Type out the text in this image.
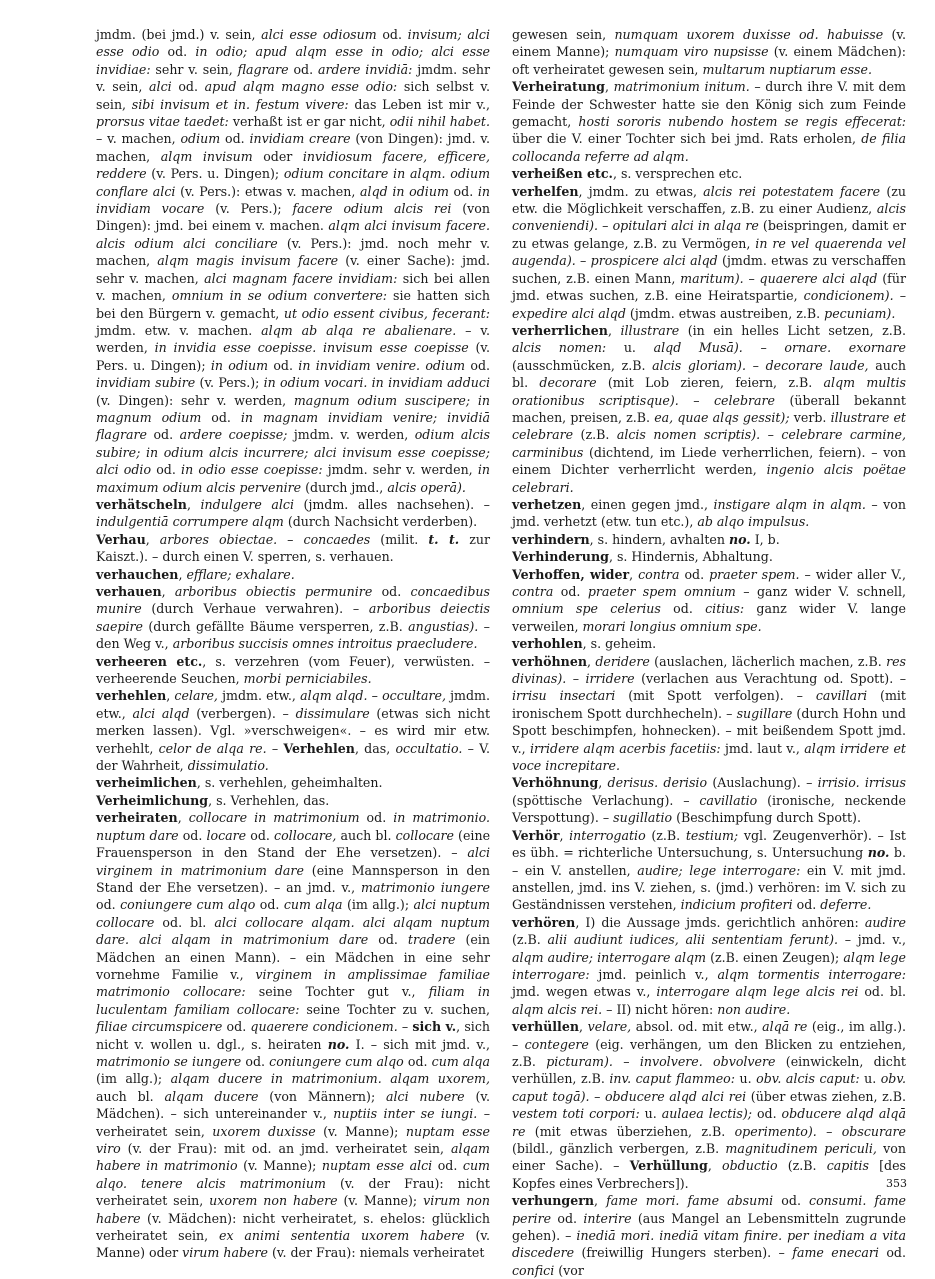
jmdm. (bei jmd.) v. sein, alci esse odiosum od. invisum; alci esse odio od. in odio; apud alqm esse in odio; alci esse invidiae: sehr v. sein, flagrare od. ardere invidiā: jmdm. sehr v. sein, alci od. apud alqm magno esse odio: sich selbst v. sein, sibi invisum et in. festum vivere: das Leben ist mir v., prorsus vitae taedet: verhaßt ist er gar nicht, odii nihil habet. – v. machen, odium od. invidiam creare (von Dingen): jmd. v. machen, alqm invisum oder invidiosum facere, efficere, reddere (v. Pers. u. Dingen); odium concitare in alqm. odium conflare alci (v. Pers.): etwas v. machen, alqd in odium od. in invidiam vocare (v. Pers.); facere odium alcis rei (von Dingen): jmd. bei einem v. machen. alqm alci invisum facere. alcis odium alci conciliare (v. Pers.): jmd. noch mehr v. machen, alqm magis invisum facere (v. einer Sache): jmd. sehr v. machen, alci magnam facere invidiam: sich bei allen v. machen, omnium in se odium convertere: sie hatten sich bei den Bürgern v. gemacht, ut odio essent civibus, fecerant: jmdm. etw. v. machen. alqm ab alqa re abalienare. – v. werden, in invidia esse coepisse. invisum esse coepisse (v. Pers. u. Dingen); in odium od. in invidiam venire. odium od. invidiam subire (v. Pers.); in odium vocari. in invidiam adduci (v. Dingen): sehr v. werden, magnum odium suscipere; in magnum odium od. in magnam invidiam venire; invidiā flagrare od. ardere coepisse; jmdm. v. werden, odium alcis subire; in odium alcis incurrere; alci invisum esse coepisse; alci odio od. in odio esse coepisse: jmdm. sehr v. werden, in maximum odium alcis pervenire (durch jmd., alcis operā).

verhätscheln, indulgere alci (jmdm. alles nachsehen). – indulgentiā corrumpere alqm (durch Nachsicht verderben).

Verhau, arbores obiectae. – concaedes (milit. t. t. zur Kaiszt.). – durch einen V. sperren, s. verhauen.

verhauchen, efflare; exhalare.

verhauen, arboribus obiectis permunire od. concaedibus munire (durch Verhaue verwahren). – arboribus deiectis saepire (durch gefällte Bäume versperren, z.B. angustias). – den Weg v., arboribus succisis omnes introitus praecludere.

verheeren etc., s. verzehren (vom Feuer), verwüsten. – verheerende Seuchen, morbi perniciabiles.

verhehlen, celare, jmdm. etw., alqm alqd. – occultare, jmdm. etw., alci alqd (verbergen). – dissimulare (etwas sich nicht merken lassen). Vgl. »verschweigen«. – es wird mir etw. verhehlt, celor de alqa re. – Verhehlen, das, occultatio. – V. der Wahrheit, dissimulatio.

verheimlichen, s. verhehlen, geheimhalten.

Verheimlichung, s. Verhehlen, das.

verheiraten, collocare in matrimonium od. in matrimonio. nuptum dare od. locare od. collocare, auch bl. collocare (eine Frauensperson in den Stand der Ehe versetzen). – alci virginem in matrimonium dare (eine Mannsperson in den Stand der Ehe versetzen). – an jmd. v., matrimonio iungere od. coniungere cum alqo od. cum alqa (im allg.); alci nuptum collocare od. bl. alci collocare alqam. alci alqam nuptum dare. alci alqam in matrimonium dare od. tradere (ein Mädchen an einen Mann). – ein Mädchen in eine sehr vornehme Familie v., virginem in amplissimae familiae matrimonio collocare: seine Tochter gut v., filiam in luculentam familiam collocare: seine Tochter zu v. suchen, filiae circumspicere od. quaerere condicionem. – sich v., sich nicht v. wollen u. dgl., s. heiraten no. I. – sich mit jmd. v., matrimonio se iungere od. coniungere cum alqo od. cum alqa (im allg.); alqam ducere in matrimonium. alqam uxorem, auch bl. alqam ducere (von Männern); alci nubere (v. Mädchen). – sich untereinander v., nuptiis inter se iungi. – verheiratet sein, uxorem duxisse (v. Manne); nuptam esse viro (v. der Frau): mit od. an jmd. verheiratet sein, alqam habere in matrimonio (v. Manne); nuptam esse alci od. cum alqo. tenere alcis matrimonium (v. der Frau): nicht verheiratet sein, uxorem non habere (v. Manne); virum non habere (v. Mädchen): nicht verheiratet, s. ehelos: glücklich verheiratet sein, ex animi sententia uxorem habere (v. Manne) oder virum habere (v. der Frau): niemals verheiratet

gewesen sein, numquam uxorem duxisse od. habuisse (v. einem Manne); numquam viro nupsisse (v. einem Mädchen): oft verheiratet gewesen sein, multarum nuptiarum esse.

Verheiratung, matrimonium initum. – durch ihre V. mit dem Feinde der Schwester hatte sie den König sich zum Feinde gemacht, hosti sororis nubendo hostem se regis effecerat: über die V. einer Tochter sich bei jmd. Rats erholen, de filia collocanda referre ad alqm.

verheißen etc., s. versprechen etc.

verhelfen, jmdm. zu etwas, alcis rei potestatem facere (zu etw. die Möglichkeit verschaffen, z.B. zu einer Audienz, alcis conveniendi). – opitulari alci in alqa re (beispringen, damit er zu etwas gelange, z.B. zu Vermögen, in re vel quaerenda vel augenda). – prospicere alci alqd (jmdm. etwas zu verschaffen suchen, z.B. einen Mann, maritum). – quaerere alci alqd (für jmd. etwas suchen, z.B. eine Heiratspartie, condicionem). – expedire alci alqd (jmdm. etwas austreiben, z.B. pecuniam).

verherrlichen, illustrare (in ein helles Licht setzen, z.B. alcis nomen: u. alqd Musā). – ornare. exornare (ausschmücken, z.B. alcis gloriam). – decorare laude, auch bl. decorare (mit Lob zieren, feiern, z.B. alqm multis orationibus scriptisque). – celebrare (überall bekannt machen, preisen, z.B. ea, quae alqs gessit); verb. illustrare et celebrare (z.B. alcis nomen scriptis). – celebrare carmine, carminibus (dichtend, im Liede verherrlichen, feiern). – von einem Dichter verherrlicht werden, ingenio alcis poëtae celebrari.

verhetzen, einen gegen jmd., instigare alqm in alqm. – von jmd. verhetzt (etw. tun etc.), ab alqo impulsus.

verhindern, s. hindern, avhalten no. I, b.

Verhinderung, s. Hindernis, Abhaltung.

Verhoffen, wider, contra od. praeter spem. – wider aller V., contra od. praeter spem omnium – ganz wider V. schnell, omnium spe celerius od. citius: ganz wider V. lange verweilen, morari longius omnium spe.

verhohlen, s. geheim.

verhöhnen, deridere (auslachen, lächerlich machen, z.B. res divinas). – irridere (verlachen aus Verachtung od. Spott). – irrisu insectari (mit Spott verfolgen). – cavillari (mit ironischem Spott durchhecheln). – sugillare (durch Hohn und Spott beschimpfen, hohnecken). – mit beißendem Spott jmd. v., irridere alqm acerbis facetiis: jmd. laut v., alqm irridere et voce increpitare.

Verhöhnung, derisus. derisio (Auslachung). – irrisio. irrisus (spöttische Verlachung). – cavillatio (ironische, neckende Verspottung). – sugillatio (Beschimpfung durch Spott).

Verhör, interrogatio (z.B. testium; vgl. Zeugenverhör). – Ist es übh. = richterliche Untersuchung, s. Untersuchung no. b. – ein V. anstellen, audire; lege interrogare: ein V. mit jmd. anstellen, jmd. ins V. ziehen, s. (jmd.) verhören: im V. sich zu Geständnissen verstehen, indicium profiteri od. deferre.

verhören, I) die Aussage jmds. gerichtlich anhören: audire (z.B. alii audiunt iudices, alii sententiam ferunt). – jmd. v., alqm audire; interrogare alqm (z.B. einen Zeugen); alqm lege interrogare: jmd. peinlich v., alqm tormentis interrogare: jmd. wegen etwas v., interrogare alqm lege alcis rei od. bl. alqm alcis rei. – II) nicht hören: non audire.

verhüllen, velare, absol. od. mit etw., alqā re (eig., im allg.). – contegere (eig. verhängen, um den Blicken zu entziehen, z.B. picturam). – involvere. obvolvere (einwickeln, dicht verhüllen, z.B. inv. caput flammeo: u. obv. alcis caput: u. obv. caput togā). – obducere alqd alci rei (über etwas ziehen, z.B. vestem toti corpori: u. aulaea lectis); od. obducere alqd alqā re (mit etwas überziehen, z.B. operimento). – obscurare (bildl., gänzlich verbergen, z.B. magnitudinem periculi, von einer Sache). – Verhüllung, obductio (z.B. capitis [des Kopfes eines Verbrechers]).

verhungern, fame mori. fame absumi od. consumi. fame perire od. interire (aus Mangel an Lebensmitteln zugrunde gehen). – inediā mori. inediā vitam finire. per inediam a vita discedere (freiwillig Hungers sterben). – fame enecari od. confici (vor

353
